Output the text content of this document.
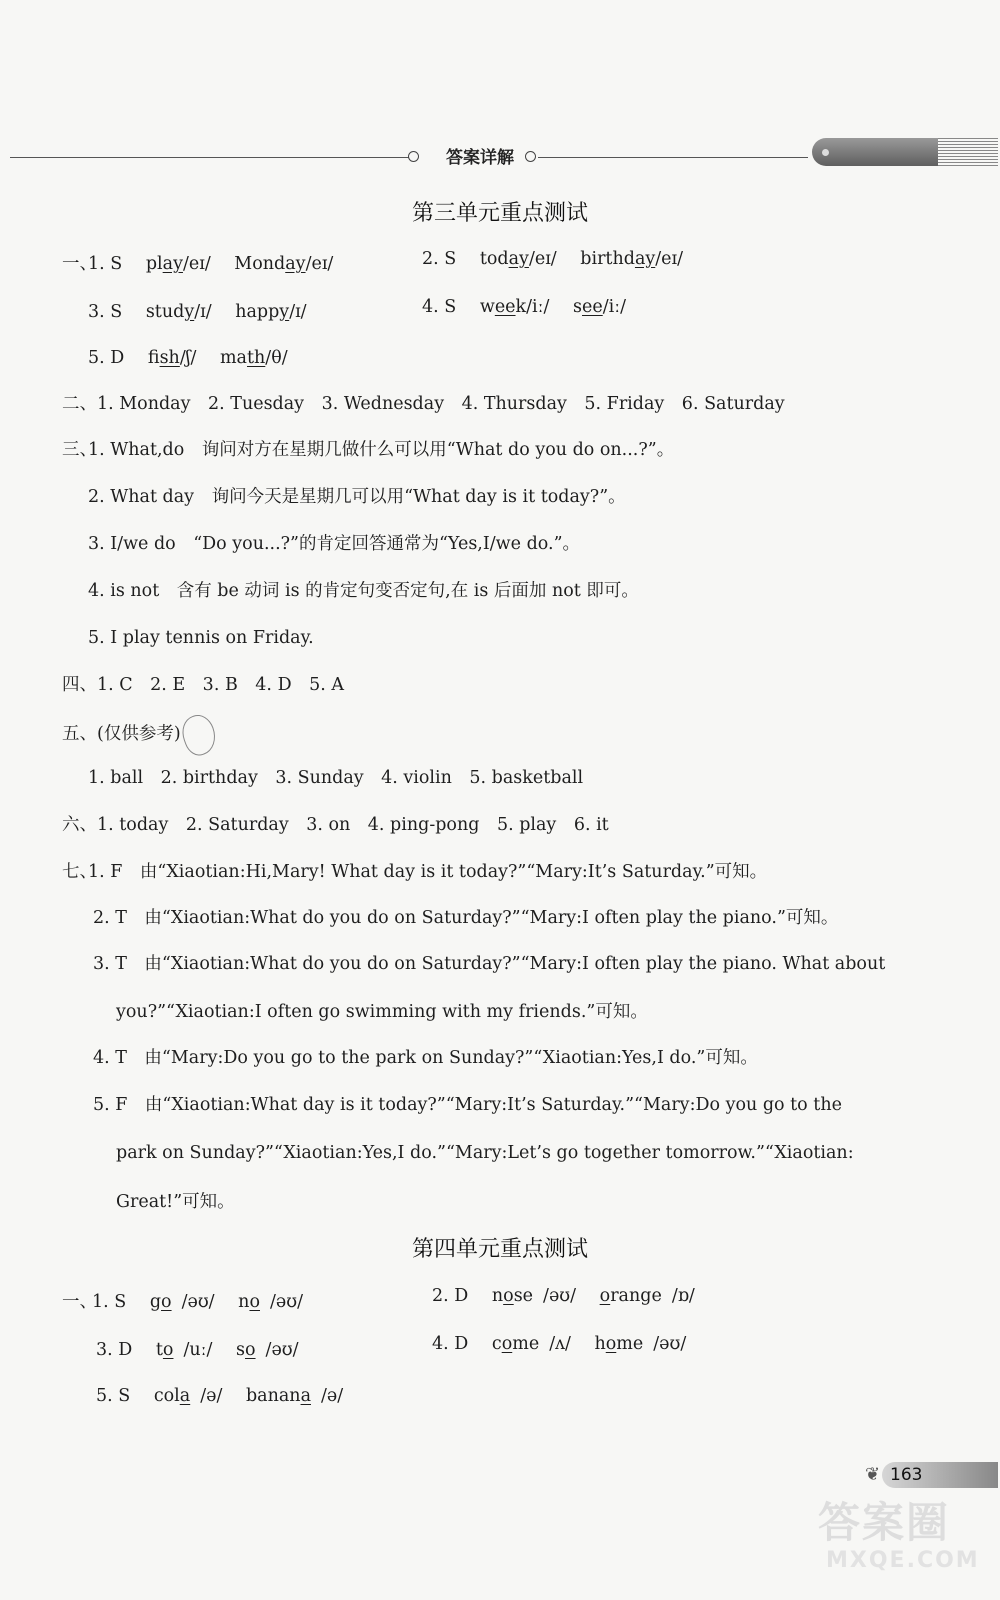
答案详解
第三单元重点测试
一、
1. S play/eɪ/ Monday/eɪ/	2. S today/eɪ/ birthday/eɪ/
3. S study/ɪ/ happy/ɪ/	4. S week/iː/ see/iː/
5. D fish/ʃ/ math/θ/
二、1. Monday　2. Tuesday　3. Wednesday　4. Thursday　5. Friday　6. Saturday
三、
1. What,do　询问对方在星期几做什么可以用“What do you do on...?”。
2. What day　询问今天是星期几可以用“What day is it today?”。
3. I/we do　“Do you...?”的肯定回答通常为“Yes,I/we do.”。
4. is not　含有 be 动词 is 的肯定句变否定句,在 is 后面加 not 即可。
5. I play tennis on Friday.
四、1. C　2. E　3. B　4. D　5. A
五、(仅供参考)
1. ball　2. birthday　3. Sunday　4. violin　5. basketball
六、1. today　2. Saturday　3. on　4. ping-pong　5. play　6. it
七、
1. F　由“Xiaotian:Hi,Mary! What day is it today?”“Mary:It’s Saturday.”可知。
2. T　由“Xiaotian:What do you do on Saturday?”“Mary:I often play the piano.”可知。
3. T　由“Xiaotian:What do you do on Saturday?”“Mary:I often play the piano. What about
you?”“Xiaotian:I often go swimming with my friends.”可知。
4. T　由“Mary:Do you go to the park on Sunday?”“Xiaotian:Yes,I do.”可知。
5. F　由“Xiaotian:What day is it today?”“Mary:It’s Saturday.”“Mary:Do you go to the
park on Sunday?”“Xiaotian:Yes,I do.”“Mary:Let’s go together tomorrow.”“Xiaotian:
Great!”可知。
第四单元重点测试
一、
1. S go /əʊ/ no /əʊ/	2. D nose /əʊ/ orange /ɒ/
3. D to /uː/ so /əʊ/	4. D come /ʌ/ home /əʊ/
5. S cola /ə/ banana /ə/
❦ 163
答案圈
MXQE.COM
